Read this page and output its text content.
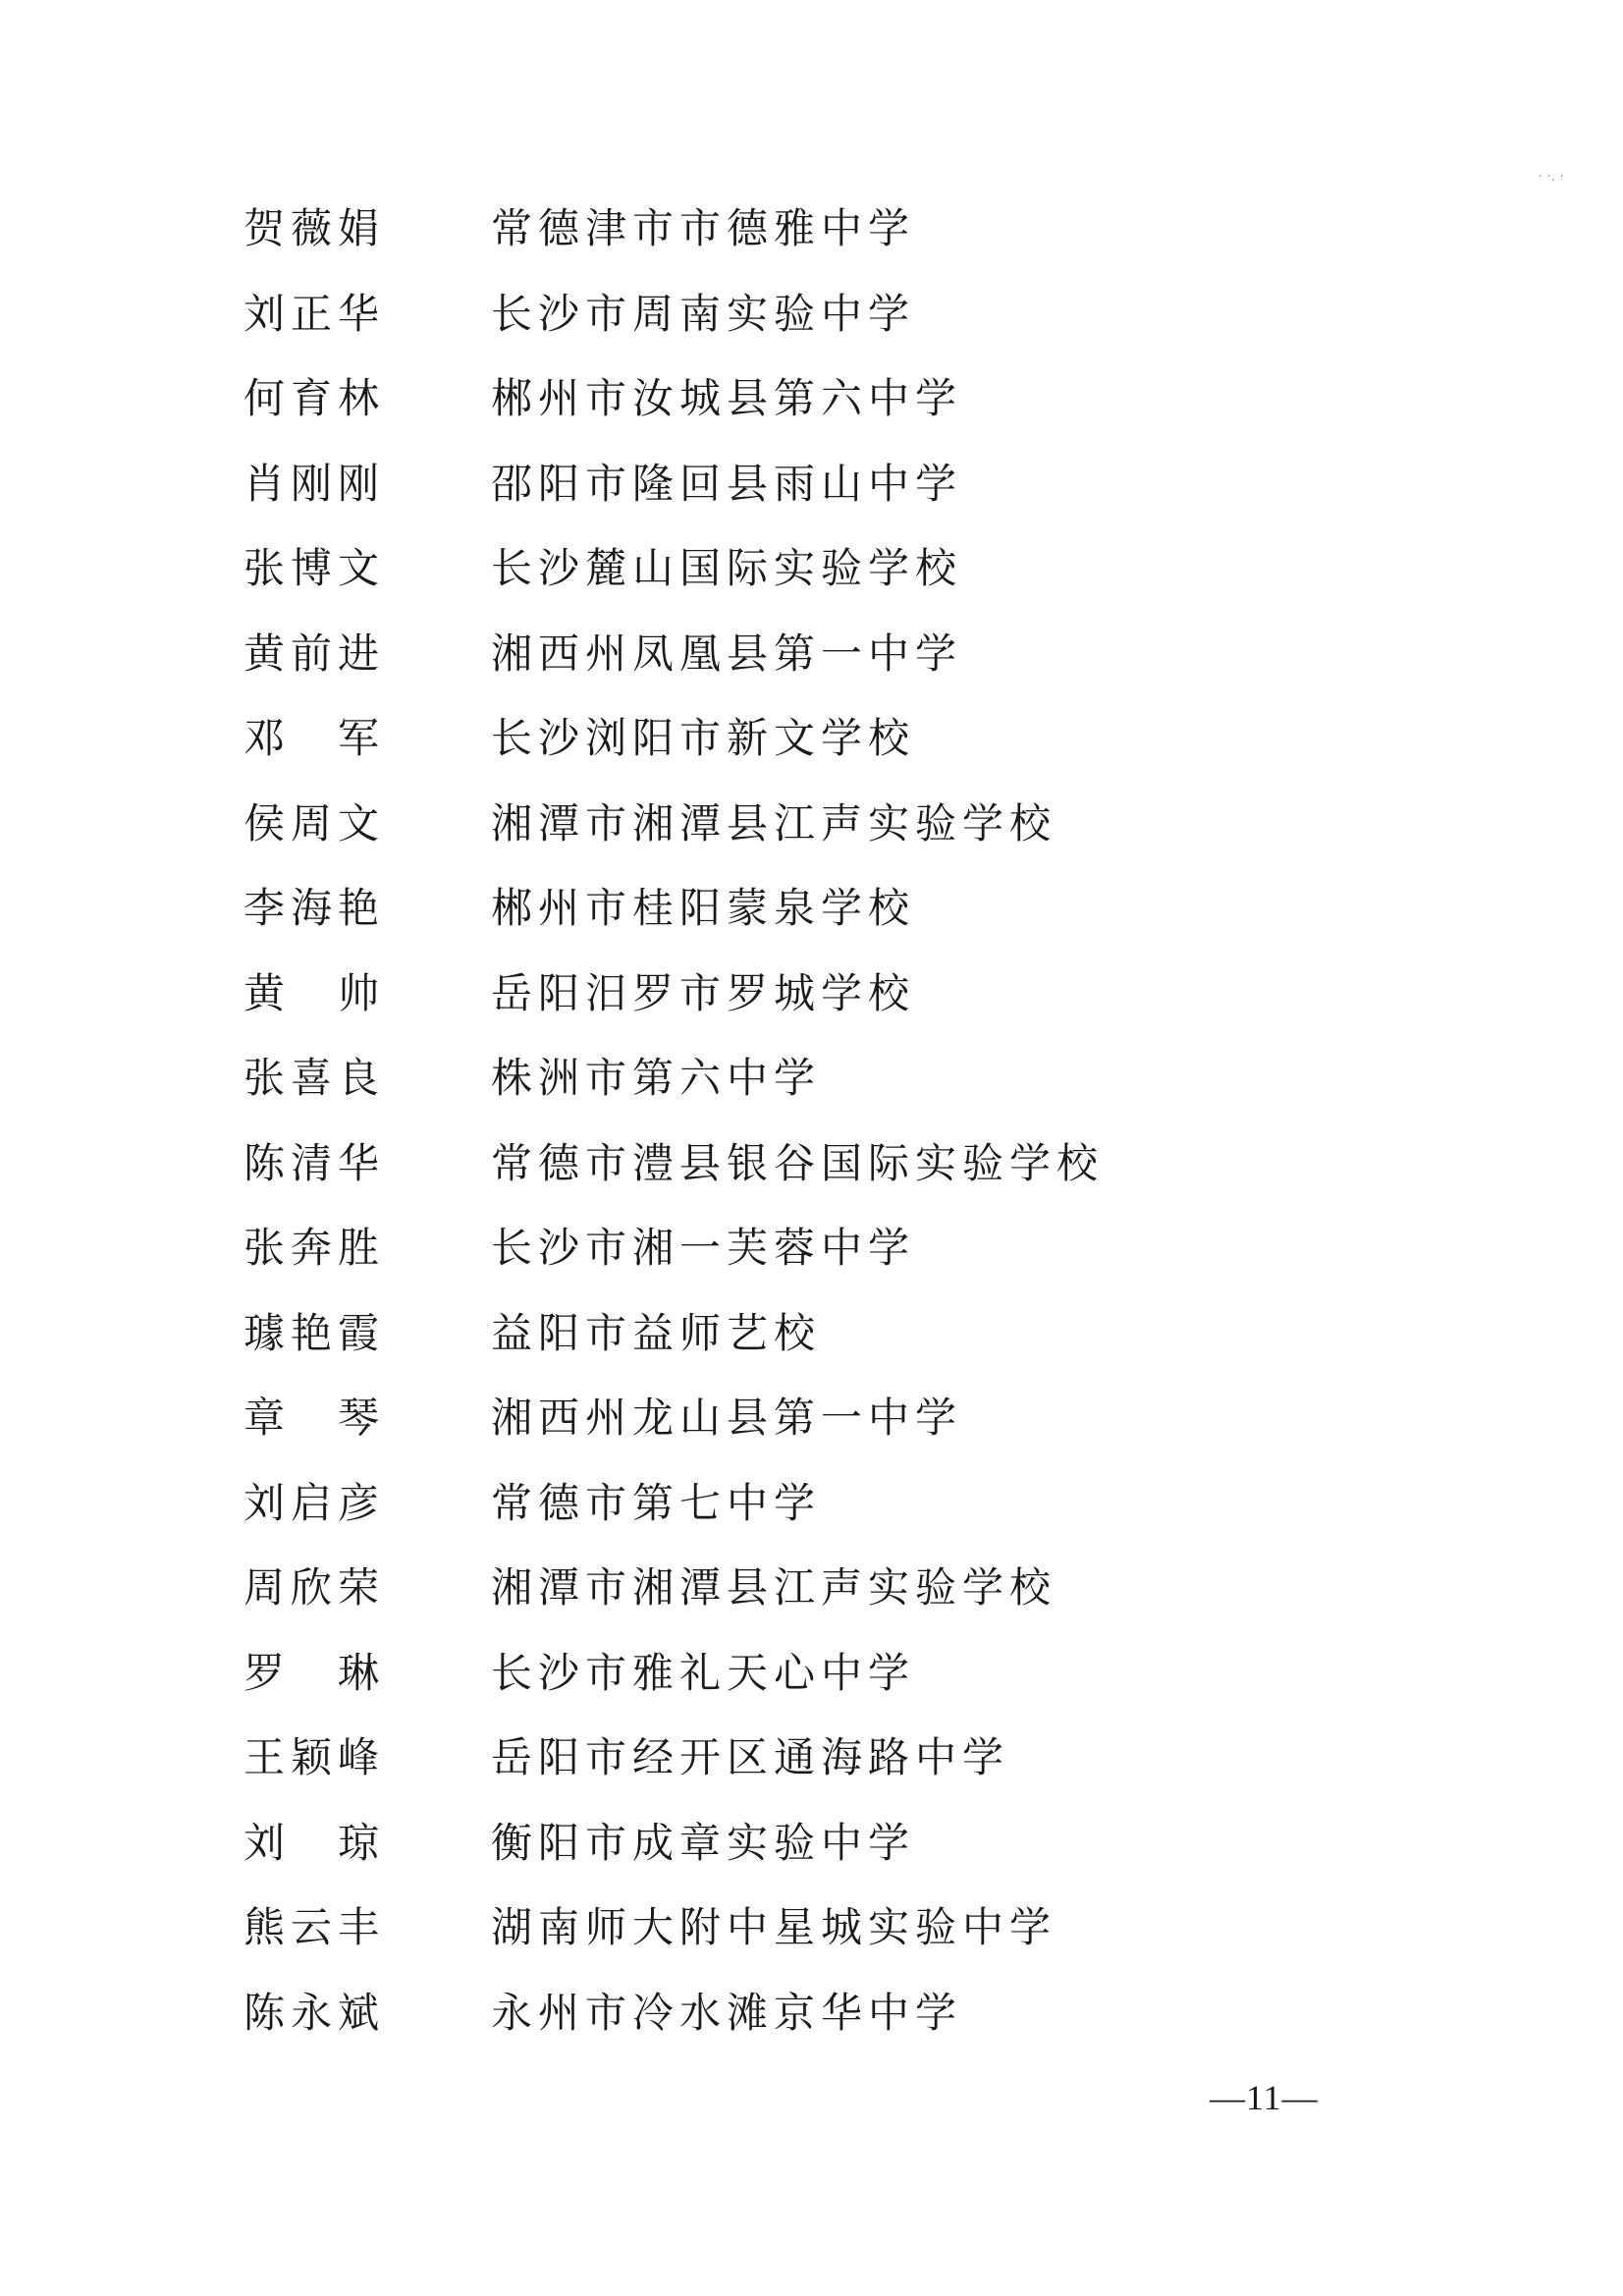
· ·. ·
贺薇娟	常德津市市德雅中学
刘正华	长沙市周南实验中学
何育林	郴州市汝城县第六中学
肖刚刚	邵阳市隆回县雨山中学
张博文	长沙麓山国际实验学校
黄前进	湘西州凤凰县第一中学
邓　军	长沙浏阳市新文学校
侯周文	湘潭市湘潭县江声实验学校
李海艳	郴州市桂阳蒙泉学校
黄　帅	岳阳汨罗市罗城学校
张喜良	株洲市第六中学
陈清华	常德市澧县银谷国际实验学校
张奔胜	长沙市湘一芙蓉中学
璩艳霞	益阳市益师艺校
章　琴	湘西州龙山县第一中学
刘启彦	常德市第七中学
周欣荣	湘潭市湘潭县江声实验学校
罗　琳	长沙市雅礼天心中学
王颖峰	岳阳市经开区通海路中学
刘　琼	衡阳市成章实验中学
熊云丰	湖南师大附中星城实验中学
陈永斌	永州市冷水滩京华中学
—11—
